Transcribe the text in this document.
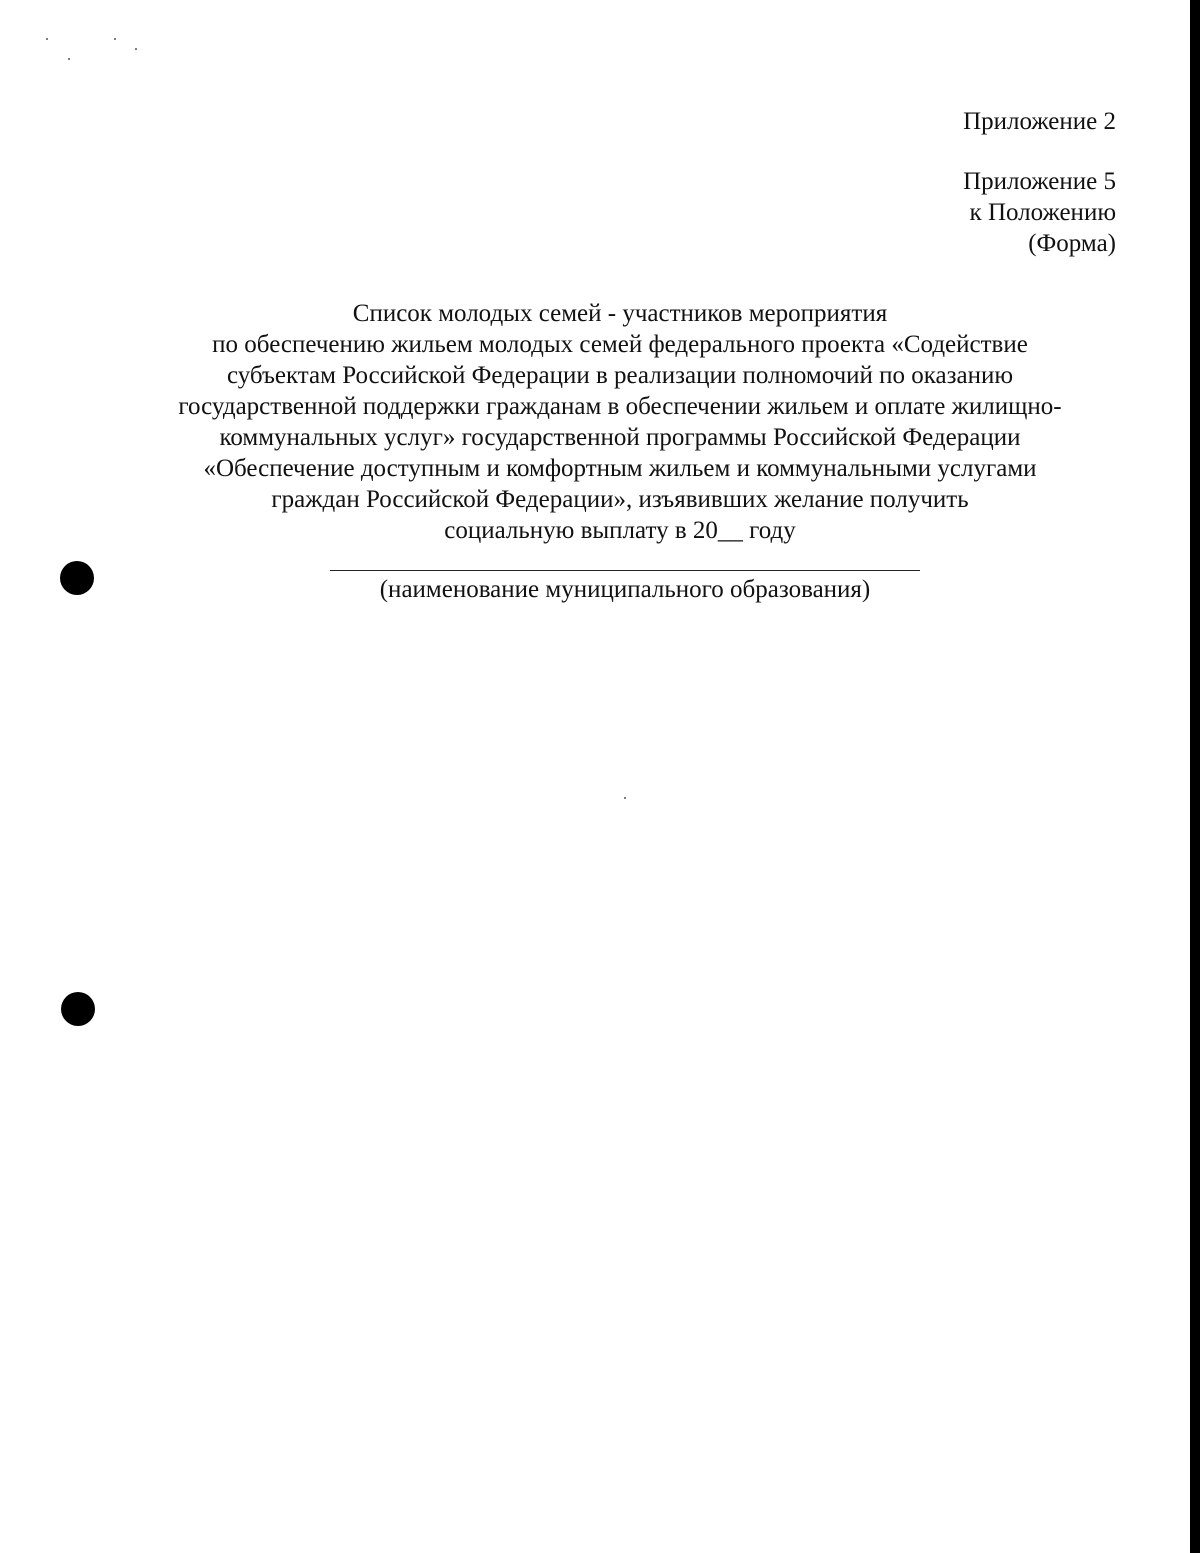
Приложение 2
Приложение 5
к Положению
(Форма)
Список молодых семей - участников мероприятия
по обеспечению жильем молодых семей федерального проекта «Содействие
субъектам Российской Федерации в реализации полномочий по оказанию
государственной поддержки гражданам в обеспечении жильем и оплате жилищно-
коммунальных услуг» государственной программы Российской Федерации
«Обеспечение доступным и комфортным жильем и коммунальными услугами
граждан Российской Федерации», изъявивших желание получить
социальную выплату в 20__ году
(наименование муниципального образования)
